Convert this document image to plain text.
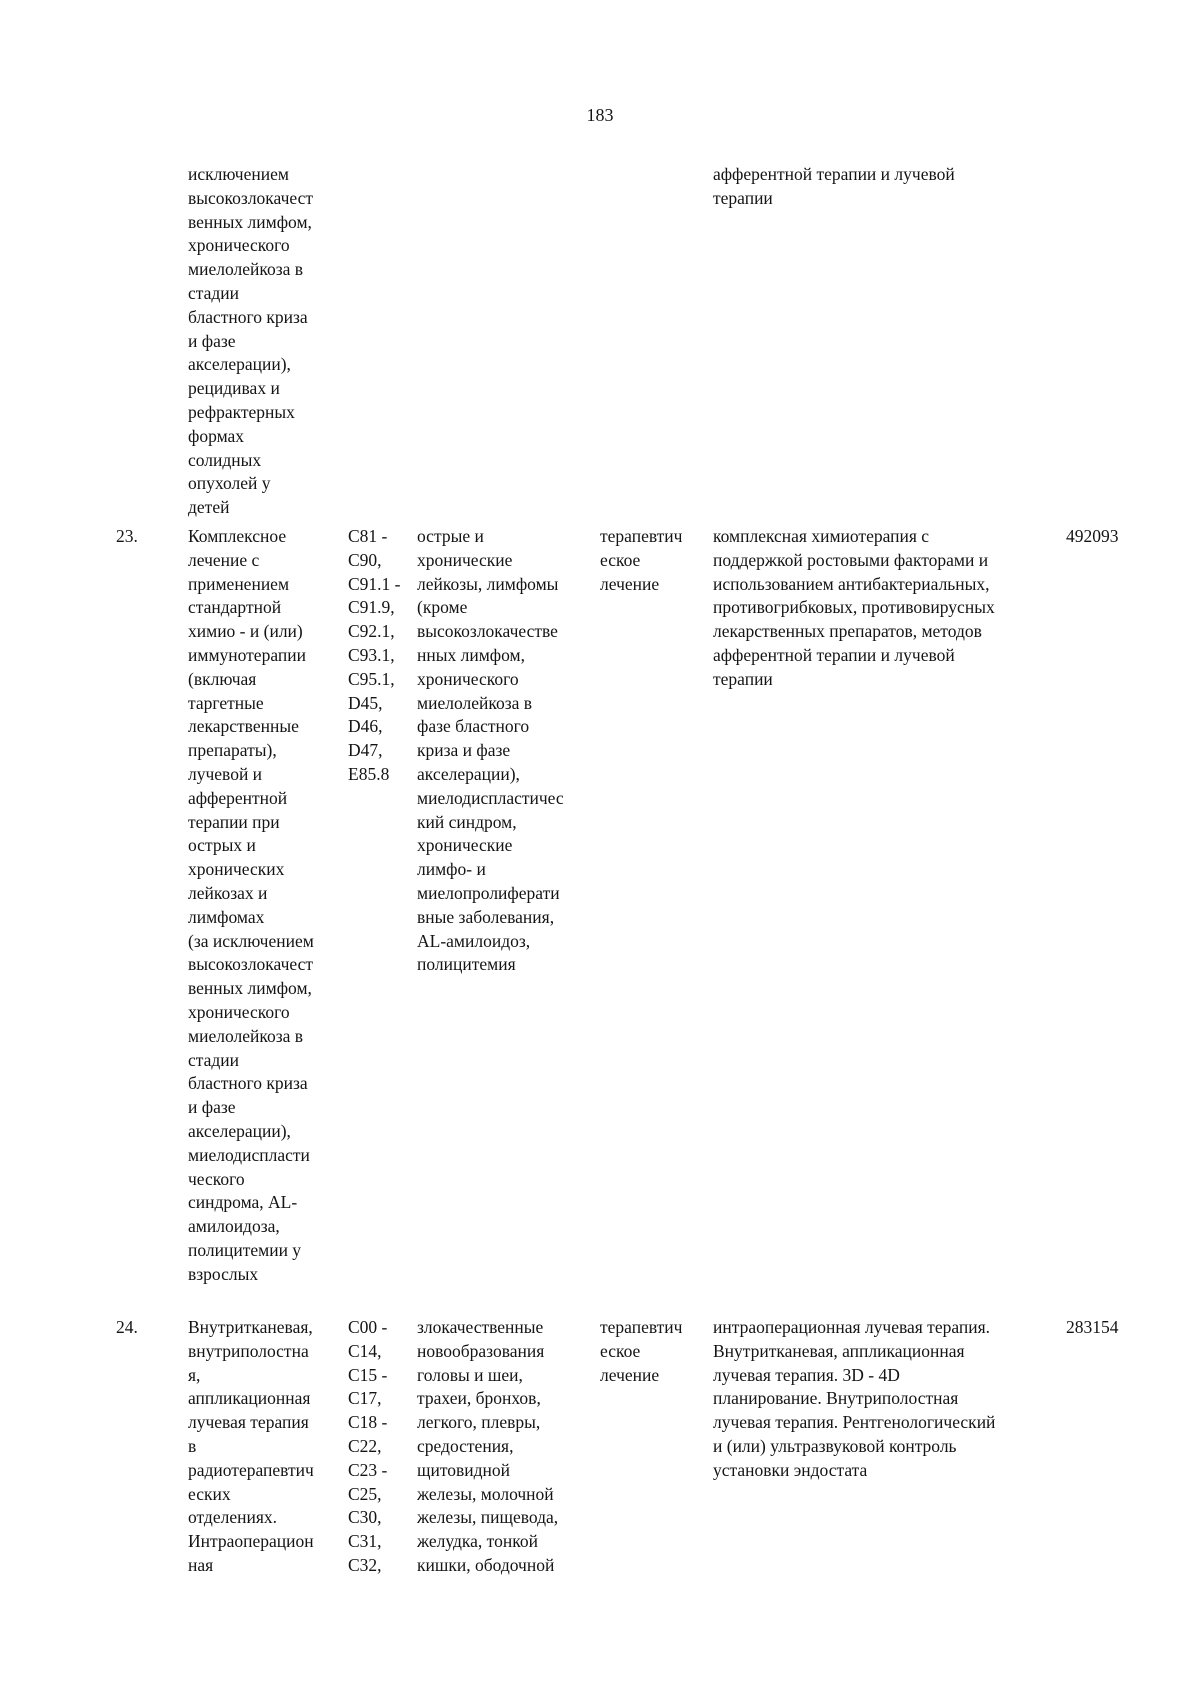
183
исключением
высокозлокачест
венных лимфом,
хронического
миелолейкоза в
стадии
бластного криза
и фазе
акселерации),
рецидивах и
рефрактерных
формах
солидных
опухолей у
детей
афферентной терапии и лучевой
терапии
23.	Комплексное
лечение с
применением
стандартной
химио - и (или)
иммунотерапии
(включая
таргетные
лекарственные
препараты),
лучевой и
афферентной
терапии при
острых и
хронических
лейкозах и
лимфомах
(за исключением
высокозлокачест
венных лимфом,
хронического
миелолейкоза в
стадии
бластного криза
и фазе
акселерации),
миелодиспласти
ческого
синдрома, AL-
амилоидоза,
полицитемии у
взрослых
C81 -
C90,
C91.1 -
C91.9,
C92.1,
C93.1,
C95.1,
D45,
D46,
D47,
E85.8
острые и
хронические
лейкозы, лимфомы
(кроме
высокозлокачестве
нных лимфом,
хронического
миелолейкоза в
фазе бластного
криза и фазе
акселерации),
миелодиспластичес
кий синдром,
хронические
лимфо- и
миелопролиферати
вные заболевания,
AL-амилоидоз,
полицитемия
терапевтич
еское
лечение
комплексная химиотерапия с
поддержкой ростовыми факторами и
использованием антибактериальных,
противогрибковых, противовирусных
лекарственных препаратов, методов
афферентной терапии и лучевой
терапии
492093
24.	Внутритканевая,
внутриполостна
я,
аппликационная
лучевая терапия
в
радиотерапевтич
еских
отделениях.
Интраоперацион
ная
C00 -
C14,
C15 -
C17,
C18 -
C22,
C23 -
C25,
C30,
C31,
C32,
злокачественные
новообразования
головы и шеи,
трахеи, бронхов,
легкого, плевры,
средостения,
щитовидной
железы, молочной
железы, пищевода,
желудка, тонкой
кишки, ободочной
терапевтич
еское
лечение
интраоперационная лучевая терапия.
Внутритканевая, аппликационная
лучевая терапия. 3D - 4D
планирование. Внутриполостная
лучевая терапия. Рентгенологический
и (или) ультразвуковой контроль
установки эндостата
283154
